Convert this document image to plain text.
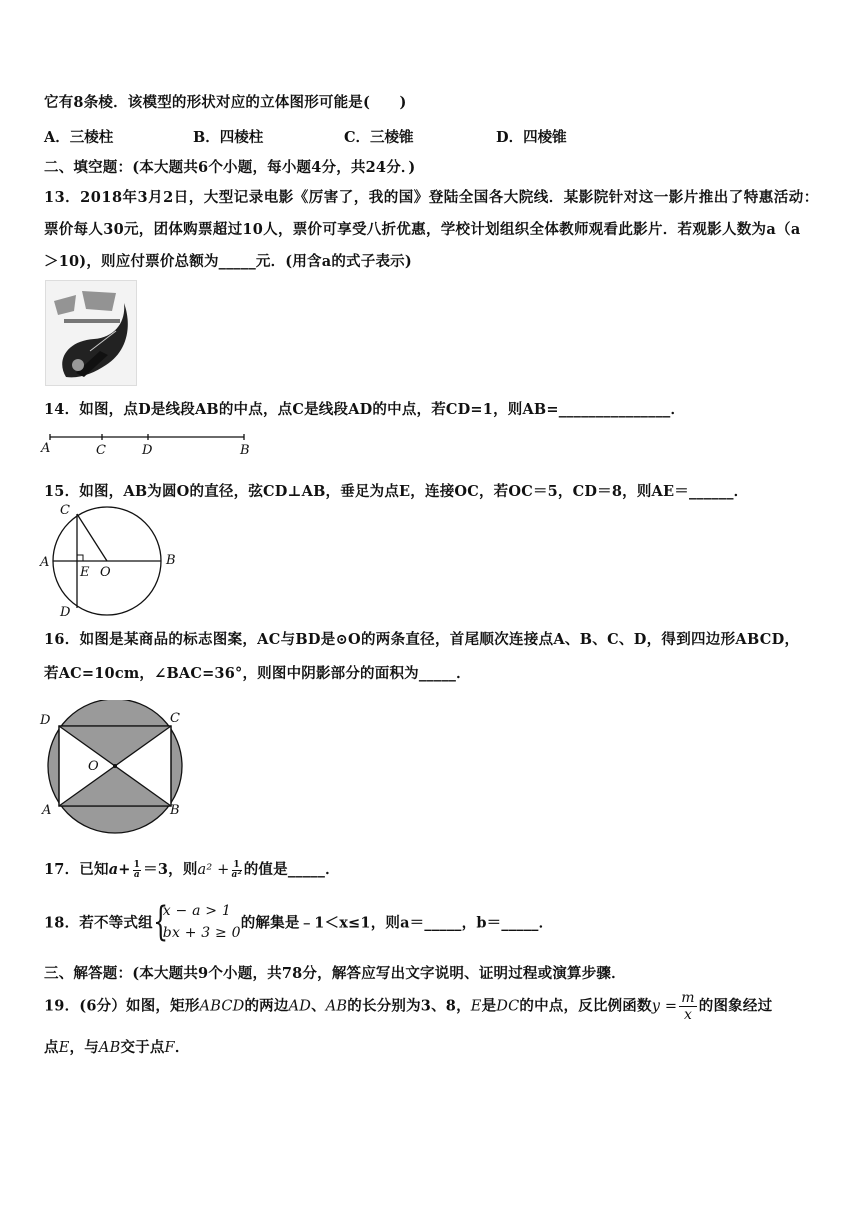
它有8条棱．该模型的形状对应的立体图形可能是(　　)
A．三棱柱	B．四棱柱	C．三棱锥	D．四棱锥
二、填空题：(本大题共6个小题，每小题4分，共24分．)
13．2018年3月2日，大型记录电影《厉害了，我的国》登陆全国各大院线．某影院针对这一影片推出了特惠活动：
票价每人30元，团体购票超过10人，票价可享受八折优惠，学校计划组织全体教师观看此影片．若观影人数为a（a
＞10)，则应付票价总额为_____元．(用含a的式子表示)
14．如图，点D是线段AB的中点，点C是线段AD的中点，若CD=1，则AB=_______________．
A	C	D	B
15．如图，AB为圆O的直径，弦CD⊥AB，垂足为点E，连接OC，若OC＝5，CD＝8，则AE＝______．
C
A
E O
B
D
16．如图是某商品的标志图案，AC与BD是⊙O的两条直径，首尾顺次连接点A、B、C、D，得到四边形ABCD，
若AC=10cm，∠BAC=36°，则图中阴影部分的面积为_____．
D	C
O
A	B
17．已知$a+ \frac{1}{a} =3$，则$a^2 + \frac{1}{\text{a²}}$ 的值是_____．
18．若不等式组 {
x − a > 1
bx + 3 ≥ 0
的解集是﹣1＜x≤1，则a＝_____，b＝_____．
三、解答题：(本大题共9个小题，共78分，解答应写出文字说明、证明过程或演算步骤．
19．(6分）如图，矩形ABCD的两边AD、AB的长分别为3、8，E是DC的中点，反比例函数$y = \frac{m}{x}$ 的图象经过
点E，与AB交于点F．
